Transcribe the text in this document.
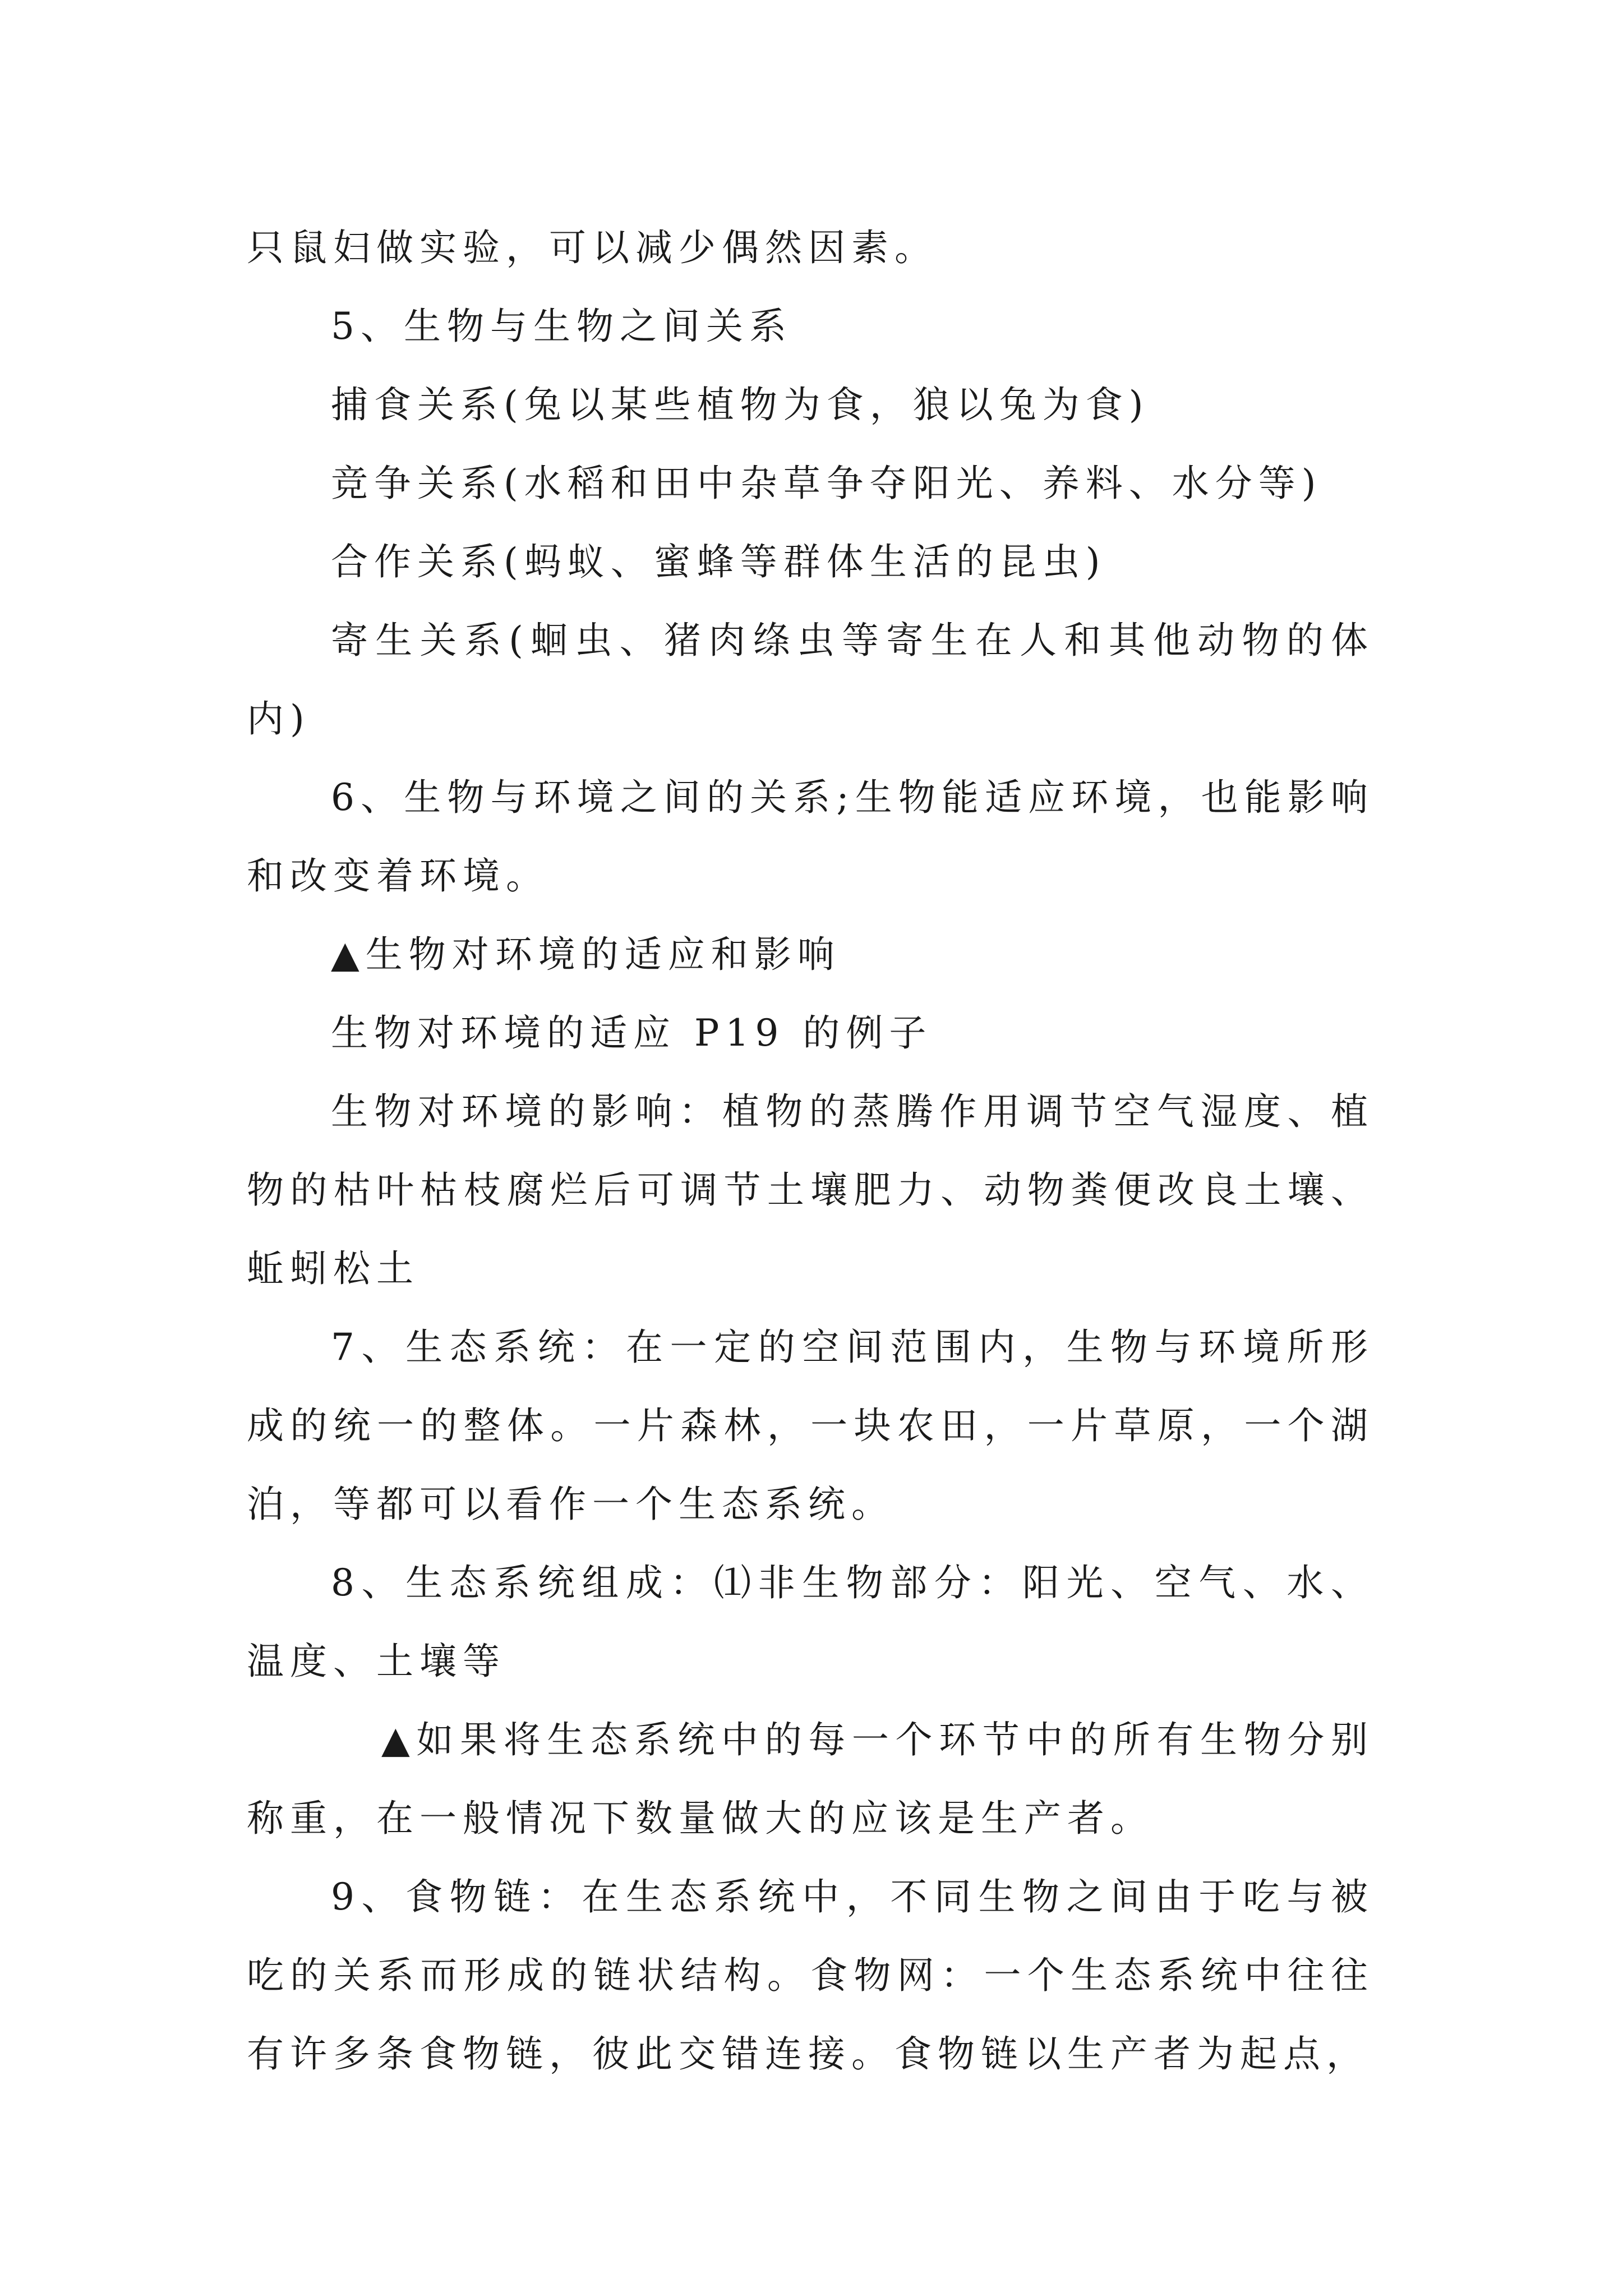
只鼠妇做实验，可以减少偶然因素。

5、生物与生物之间关系

捕食关系(兔以某些植物为食，狼以兔为食)

竞争关系(水稻和田中杂草争夺阳光、养料、水分等)

合作关系(蚂蚁、蜜蜂等群体生活的昆虫)

寄生关系(蛔虫、猪肉绦虫等寄生在人和其他动物的体内)

6、生物与环境之间的关系;生物能适应环境，也能影响和改变着环境。

▲生物对环境的适应和影响

生物对环境的适应 P19 的例子

生物对环境的影响：植物的蒸腾作用调节空气湿度、植物的枯叶枯枝腐烂后可调节土壤肥力、动物粪便改良土壤、蚯蚓松土

7、生态系统：在一定的空间范围内，生物与环境所形成的统一的整体。一片森林，一块农田，一片草原，一个湖泊，等都可以看作一个生态系统。

8、生态系统组成：⑴非生物部分：阳光、空气、水、温度、土壤等

▲如果将生态系统中的每一个环节中的所有生物分别称重，在一般情况下数量做大的应该是生产者。

9、食物链：在生态系统中，不同生物之间由于吃与被吃的关系而形成的链状结构。食物网：一个生态系统中往往有许多条食物链，彼此交错连接。食物链以生产者为起点，
